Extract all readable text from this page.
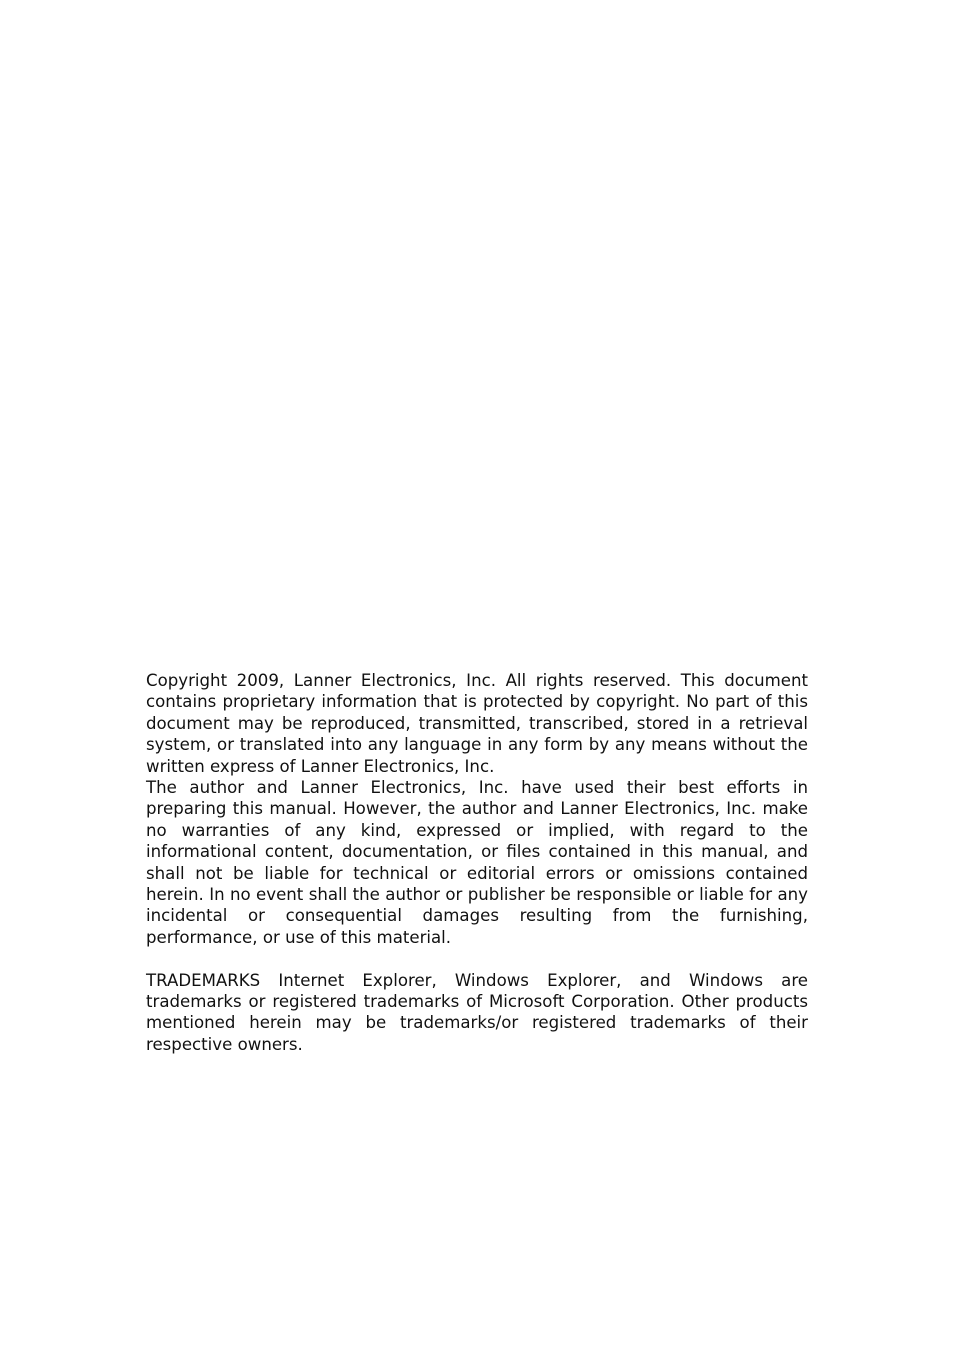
Copyright 2009, Lanner Electronics, Inc. All rights reserved. This document contains proprietary information that is protected by copyright. No part of this document may be reproduced, transmitted, transcribed, stored in a retrieval system, or translated into any language in any form by any means without the written express of Lanner Electronics, Inc.

The author and Lanner Electronics, Inc. have used their best efforts in preparing this manual. However, the author and Lanner Electronics, Inc. make no warranties of any kind, expressed or implied, with regard to the informational content, documentation, or files contained in this manual, and shall not be liable for technical or editorial errors or omissions contained herein. In no event shall the author or publisher be responsible or liable for any incidental or consequential damages resulting from the furnishing, performance, or use of this material.

TRADEMARKS Internet Explorer, Windows Explorer, and Windows are trademarks or registered trademarks of Microsoft Corporation. Other products mentioned herein may be trademarks/or registered trademarks of their respective owners.
